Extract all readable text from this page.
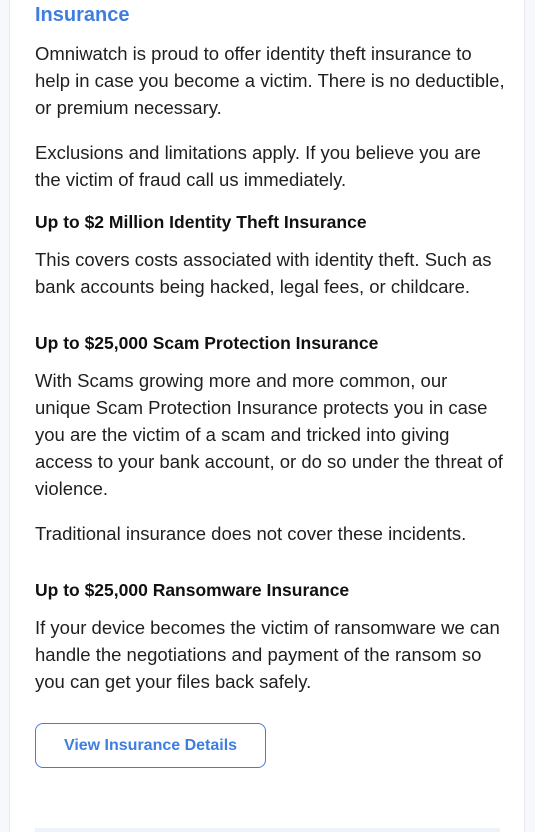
Insurance

Omniwatch is proud to offer identity theft insurance to help in case you become a victim. There is no deductible, or premium necessary.

Exclusions and limitations apply. If you believe you are the victim of fraud call us immediately.

Up to $2 Million Identity Theft Insurance

This covers costs associated with identity theft. Such as bank accounts being hacked, legal fees, or childcare.

Up to $25,000 Scam Protection Insurance

With Scams growing more and more common, our unique Scam Protection Insurance protects you in case you are the victim of a scam and tricked into giving access to your bank account, or do so under the threat of violence.

Traditional insurance does not cover these incidents.

Up to $25,000 Ransomware Insurance

If your device becomes the victim of ransomware we can handle the negotiations and payment of the ransom so you can get your files back safely.

View Insurance Details
